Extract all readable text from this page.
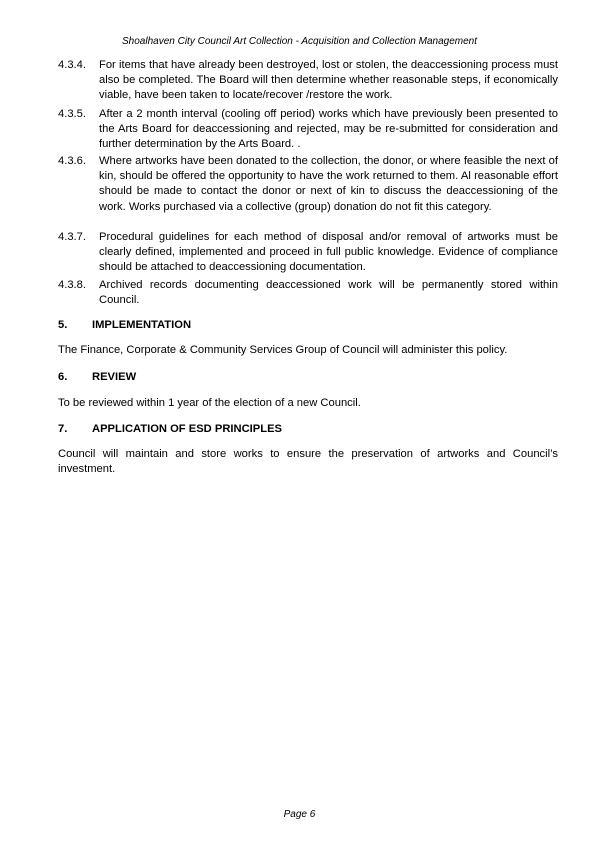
Shoalhaven City Council Art Collection - Acquisition and Collection Management
4.3.4.	For items that have already been destroyed, lost or stolen, the deaccessioning process must also be completed. The Board will then determine whether reasonable steps, if economically viable, have been taken to locate/recover /restore the work.
4.3.5.	After a 2 month interval (cooling off period) works which have previously been presented to the Arts Board for deaccessioning and rejected, may be re-submitted for consideration and further determination by the Arts Board. .
4.3.6.	Where artworks have been donated to the collection, the donor, or where feasible the next of kin, should be offered the opportunity to have the work returned to them. Al reasonable effort should be made to contact the donor or next of kin to discuss the deaccessioning of the work. Works purchased via a collective (group) donation do not fit this category.
4.3.7.	Procedural guidelines for each method of disposal and/or removal of artworks must be clearly defined, implemented and proceed in full public knowledge. Evidence of compliance should be attached to deaccessioning documentation.
4.3.8.	Archived records documenting deaccessioned work will be permanently stored within Council.
5. IMPLEMENTATION
The Finance, Corporate & Community Services Group of Council will administer this policy.
6. REVIEW
To be reviewed within 1 year of the election of a new Council.
7. APPLICATION OF ESD PRINCIPLES
Council will maintain and store works to ensure the preservation of artworks and Council’s investment.
Page 6
